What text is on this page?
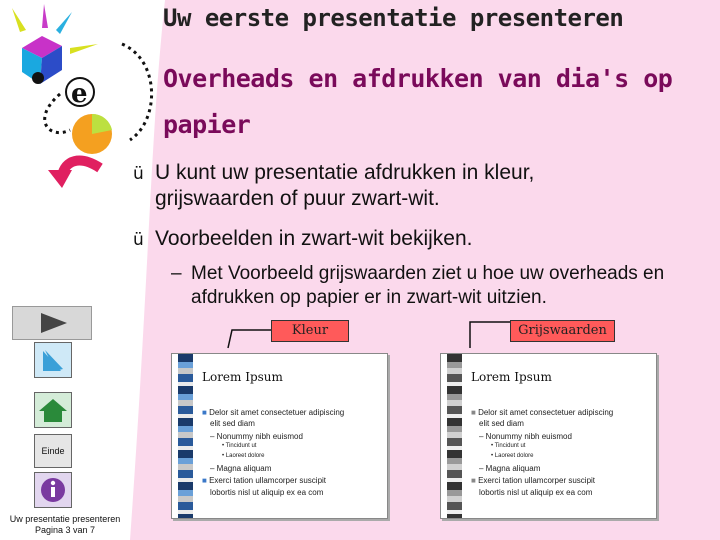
e
Uw eerste presentatie presenteren
Overheads en afdrukken van dia's op papier
ü U kunt uw presentatie afdrukken in kleur, grijswaarden of puur zwart-wit.
ü Voorbeelden in zwart-wit bekijken.
– Met Voorbeeld grijswaarden ziet u hoe uw overheads en afdrukken op papier er in zwart-wit uitzien.
Kleur	Grijswaarden
Lorem Ipsum
■ Delor sit amet consectetuer adipiscing
elit sed diam
– Nonummy nibh euismod
• Tincidunt ut
• Laoreet dolore
– Magna aliquam
■ Exerci tation ullamcorper suscipit
lobortis nisl ut aliquip ex ea com
Lorem Ipsum
■ Delor sit amet consectetuer adipiscing
elit sed diam
– Nonummy nibh euismod
• Tincidunt ut
• Laoreet dolore
– Magna aliquam
■ Exerci tation ullamcorper suscipit
lobortis nisl ut aliquip ex ea com
Einde
Uw presentatie presenteren
Pagina 3 van 7
